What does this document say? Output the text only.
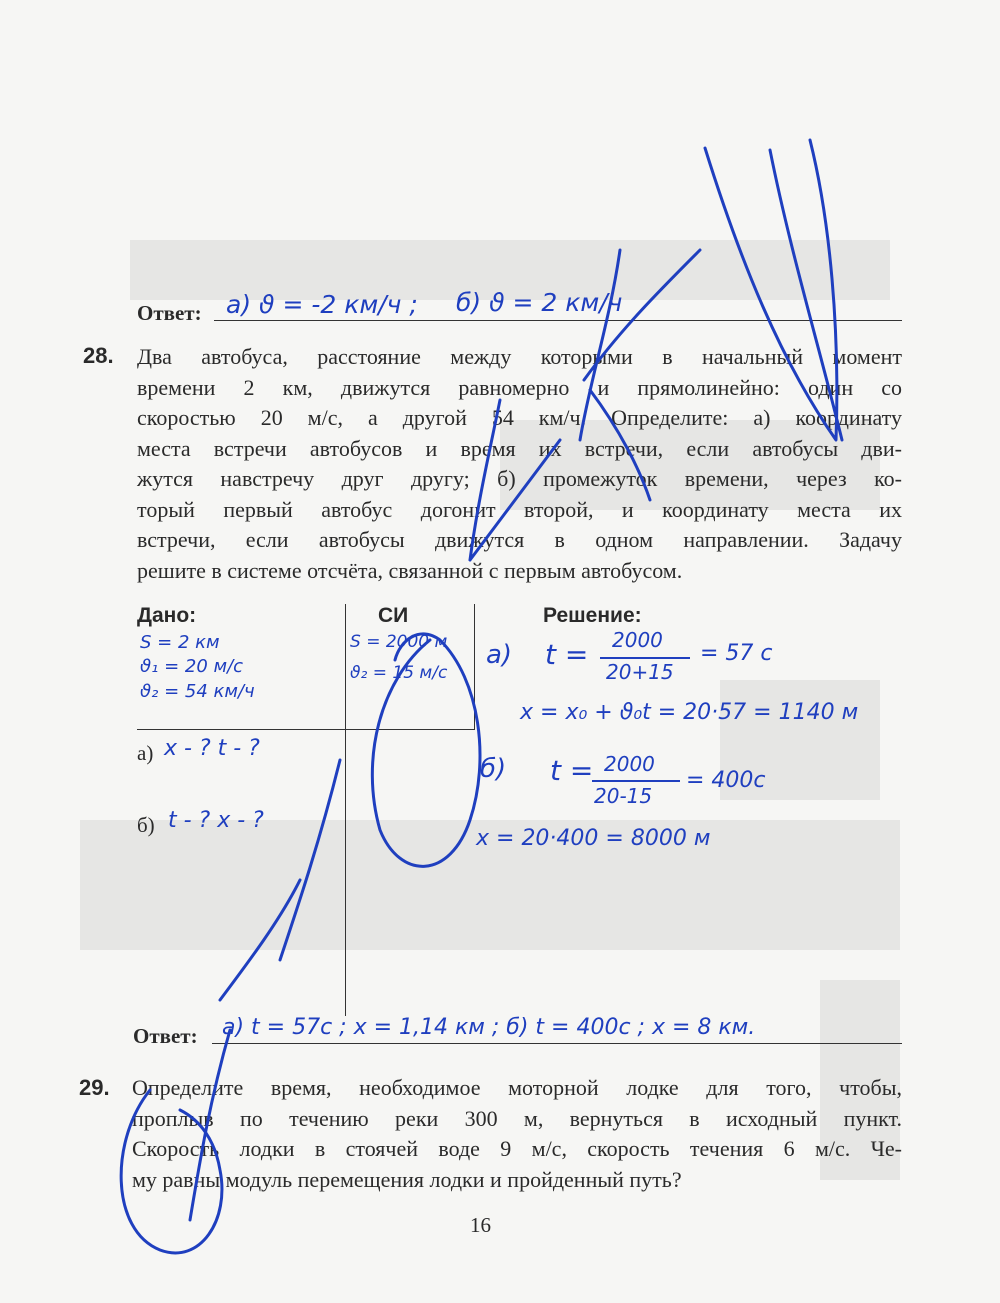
Ответ: а) ϑ = -2 км/ч ; б) ϑ = 2 км/ч
28. Два автобуса, расстояние между которыми в начальный момент
времени 2 км, движутся равномерно и прямолинейно: один со
скоростью 20 м/с, а другой 54 км/ч. Определите: а) координату
места встречи автобусов и время их встречи, если автобусы дви-
жутся навстречу друг другу; б) промежуток времени, через ко-
торый первый автобус догонит второй, и координату места их
встречи, если автобусы движутся в одном направлении. Задачу
решите в системе отсчёта, связанной с первым автобусом.
Дано:	СИ	Решение:
S = 2 км
ϑ₁ = 20 м/с
ϑ₂ = 54 км/ч
S = 2000 м
ϑ₂ = 15 м/с
а) x - ? t - ?
б) t - ? x - ?
а) t = 2000
20+15
= 57 с
x = x₀ + ϑ₀t = 20·57 = 1140 м
б) t = 2000
20-15
= 400с
x = 20·400 = 8000 м
Ответ: а) t = 57с ; x = 1,14 км ; б) t = 400с ; x = 8 км.
29. Определите время, необходимое моторной лодке для того, чтобы,
проплыв по течению реки 300 м, вернуться в исходный пункт.
Скорость лодки в стоячей воде 9 м/с, скорость течения 6 м/с. Че-
му равны модуль перемещения лодки и пройденный путь?
16
